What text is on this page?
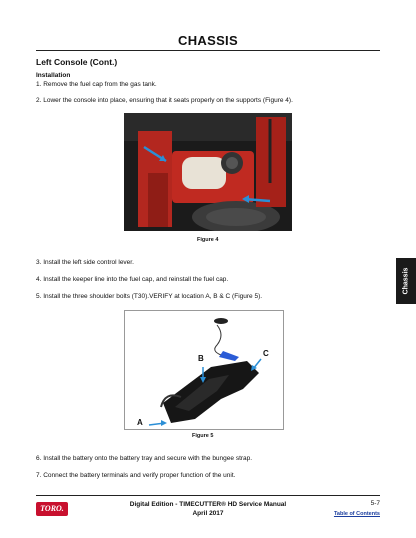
CHASSIS
Left Console (Cont.)
Installation
1. Remove the fuel cap from the gas tank.
2. Lower the console into place, ensuring that it seats properly on the supports (Figure 4).
Figure 4
3. Install the left side control lever.
4. Install the keeper line into the fuel cap, and reinstall the fuel cap.
5. Install the three shoulder bolts (T30).VERIFY at location A, B & C (Figure 5).
A
B
C
Figure 5
6. Install the battery onto the battery tray and secure with the bungee strap.
7. Connect the battery terminals and verify proper function of the unit.
Chassis
TORO.	Digital Edition - TIMECUTTER® HD Service Manual
April 2017
5-7
Table of Contents
